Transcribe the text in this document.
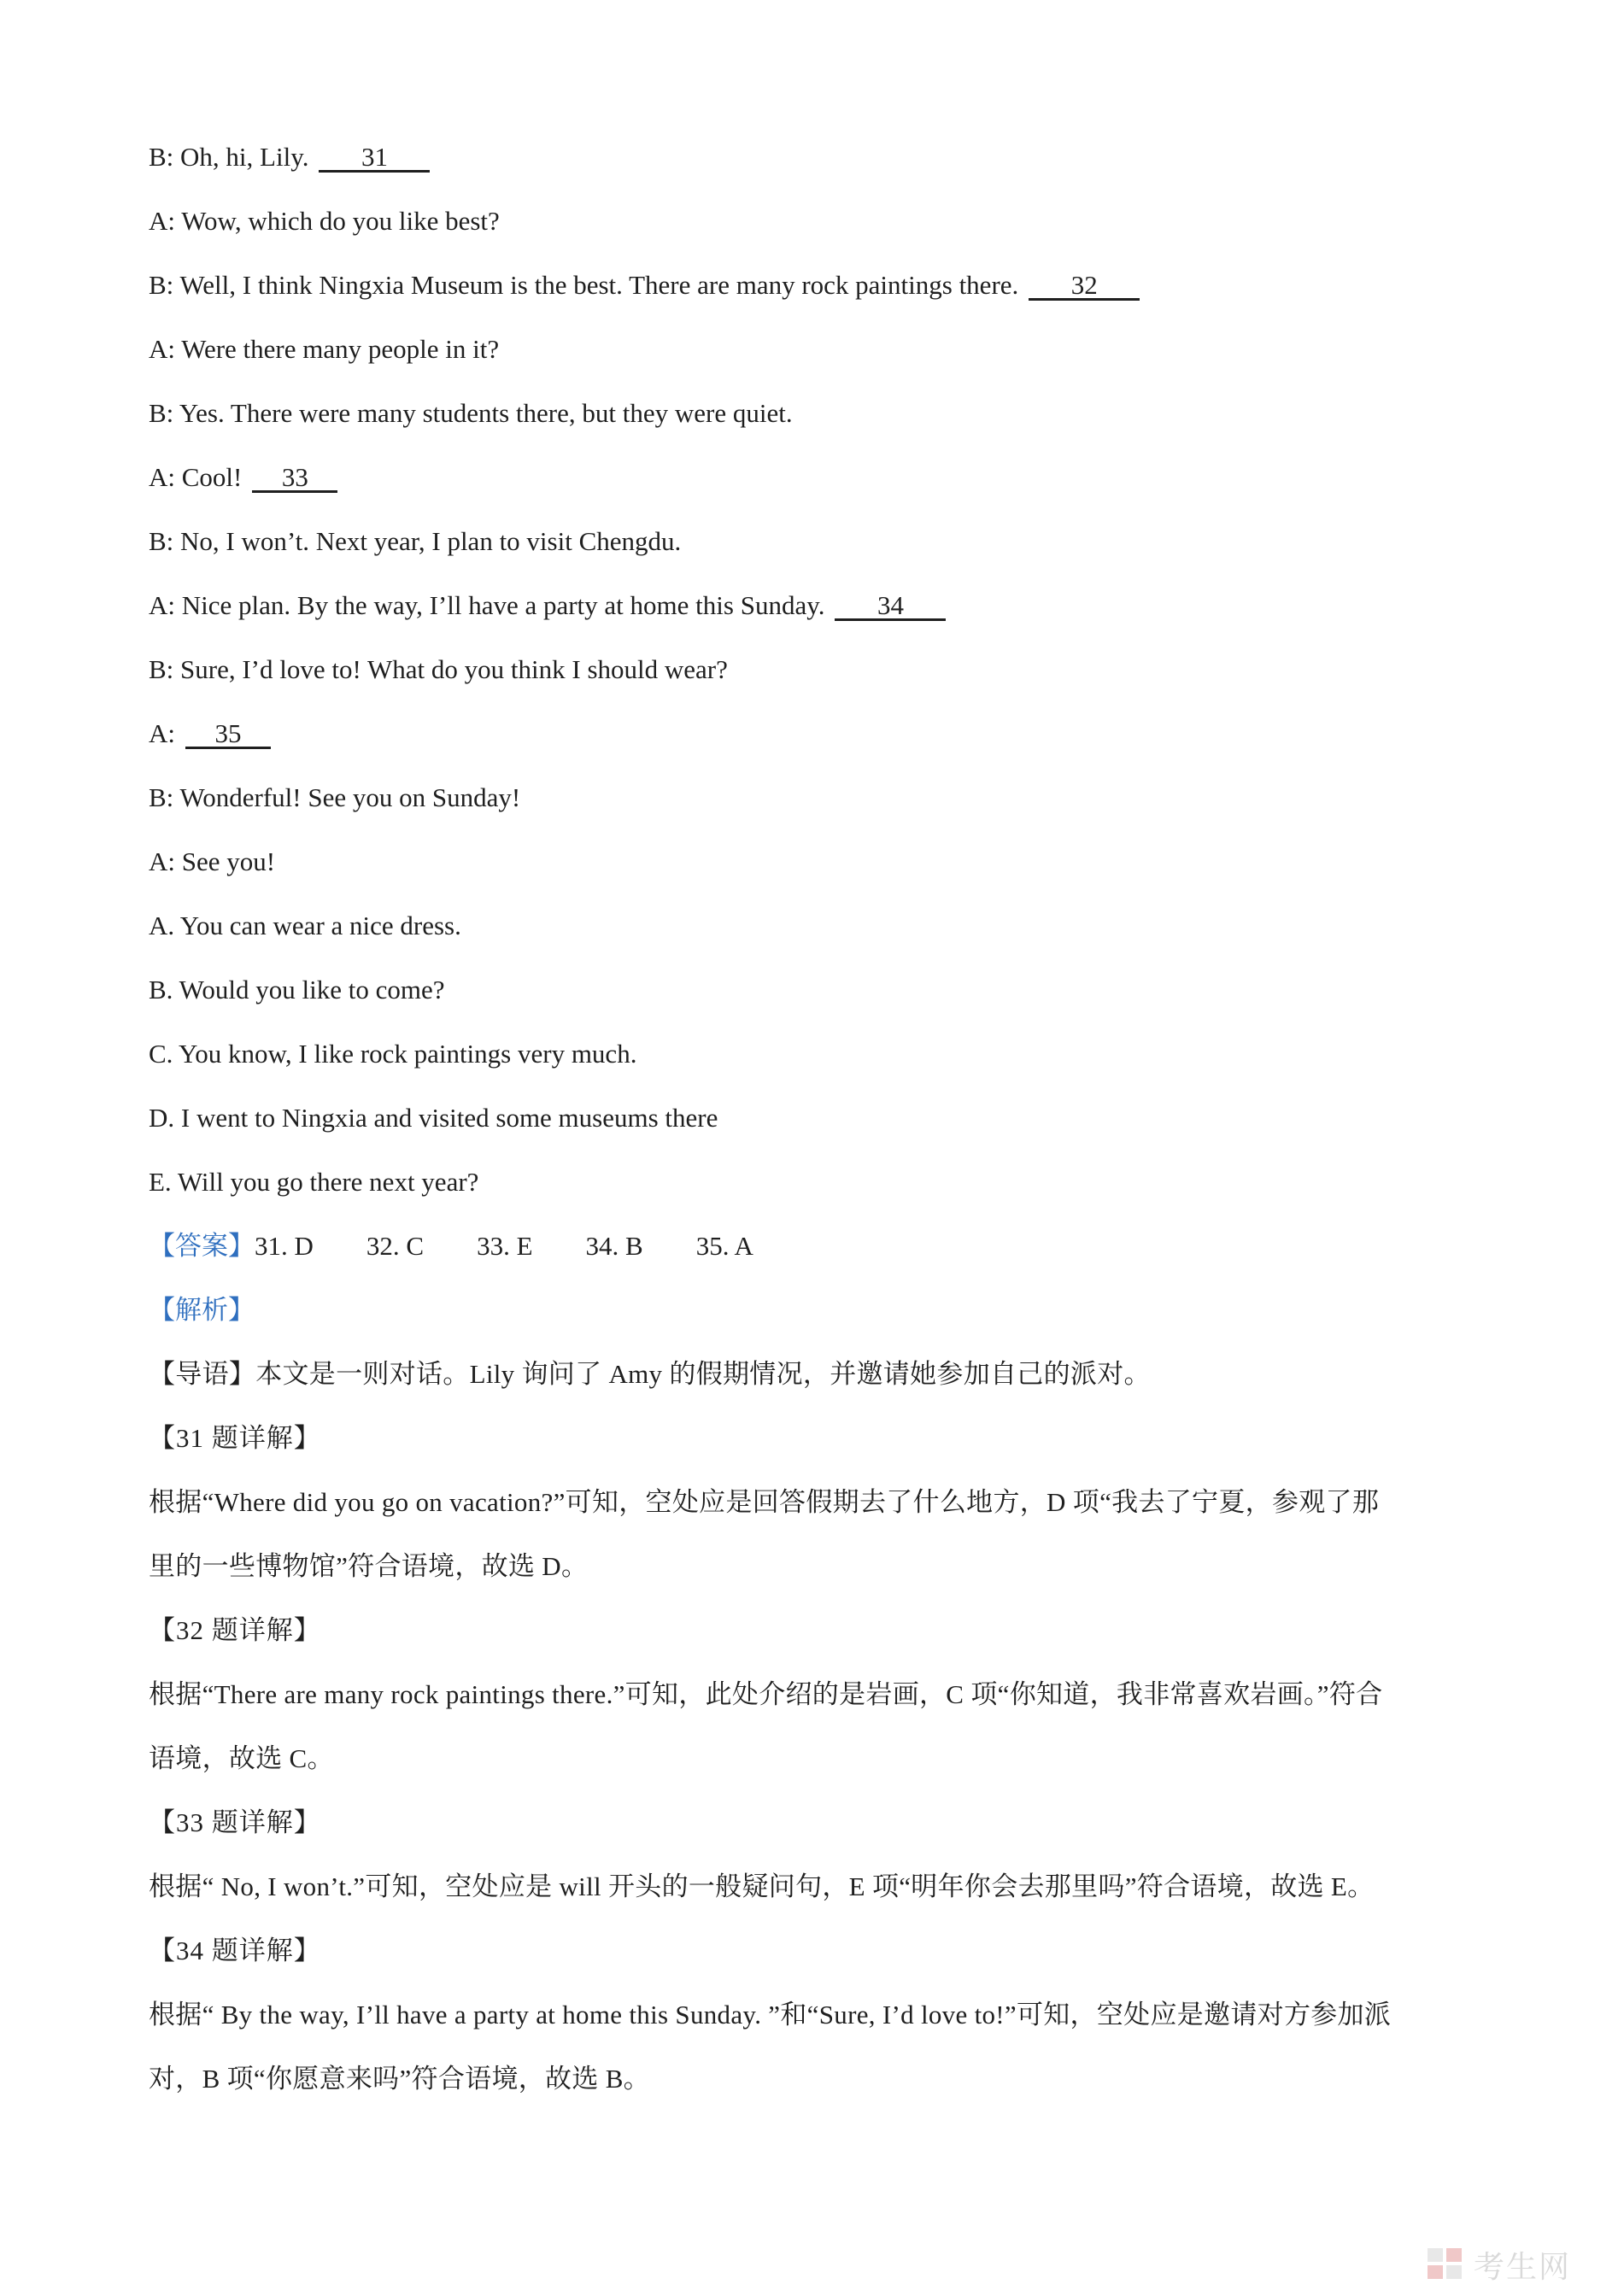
B: Oh, hi, Lily. 31
A: Wow, which do you like best?
B: Well, I think Ningxia Museum is the best. There are many rock paintings there. 32
A: Were there many people in it?
B: Yes. There were many students there, but they were quiet.
A: Cool! 33
B: No, I won’t. Next year, I plan to visit Chengdu.
A: Nice plan. By the way, I’ll have a party at home this Sunday. 34
B: Sure, I’d love to! What do you think I should wear?
A: 35
B: Wonderful! See you on Sunday!
A: See you!
A. You can wear a nice dress.
B. Would you like to come?
C. You know, I like rock paintings very much.
D. I went to Ningxia and visited some museums there
E. Will you go there next year?
【答案】31. D 32. C 33. E 34. B 35. A
【解析】
【导语】本文是一则对话。Lily 询问了 Amy 的假期情况，并邀请她参加自己的派对。
【31 题详解】
根据“Where did you go on vacation?”可知，空处应是回答假期去了什么地方，D 项“我去了宁夏，参观了那
里的一些博物馆”符合语境，故选 D。
【32 题详解】
根据“There are many rock paintings there.”可知，此处介绍的是岩画，C 项“你知道，我非常喜欢岩画。”符合
语境，故选 C。
【33 题详解】
根据“ No, I won’t.”可知，空处应是 will 开头的一般疑问句，E 项“明年你会去那里吗”符合语境，故选 E。
【34 题详解】
根据“ By the way, I’ll have a party at home this Sunday. ”和“Sure, I’d love to!”可知，空处应是邀请对方参加派
对，B 项“你愿意来吗”符合语境，故选 B。
考生网
